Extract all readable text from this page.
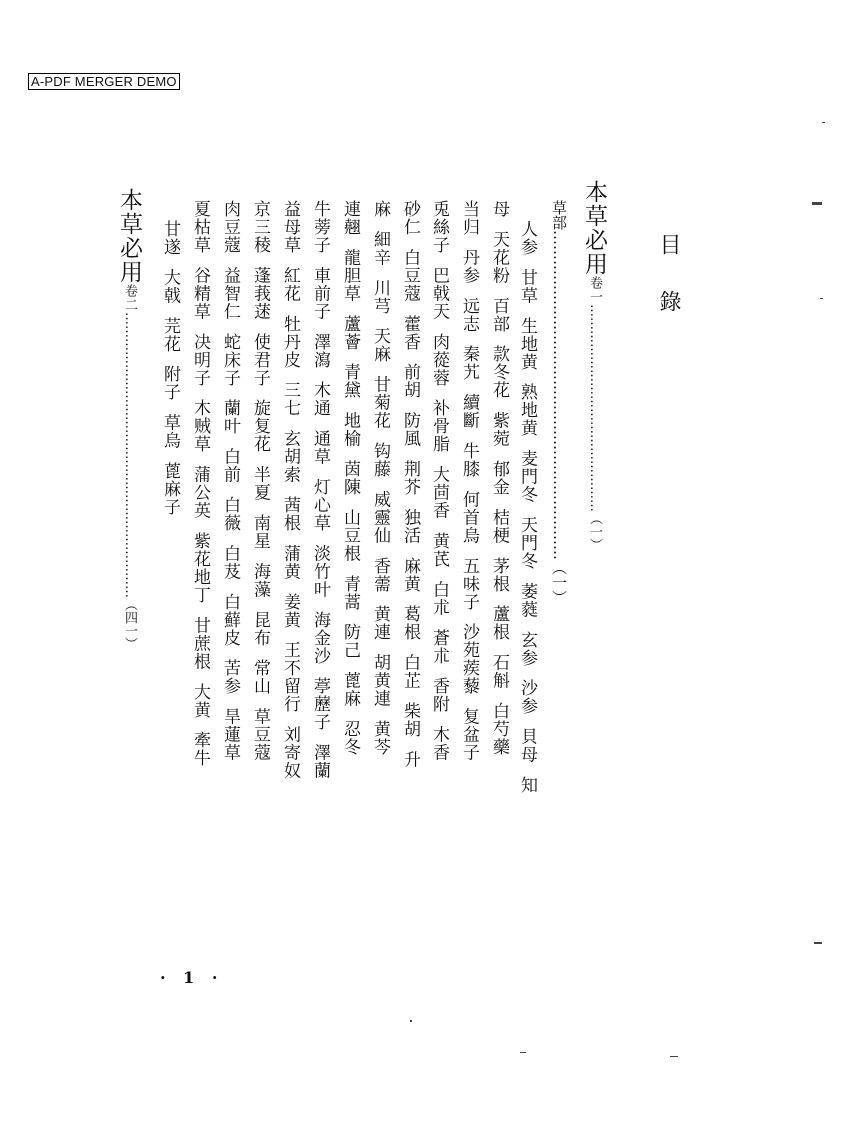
A-PDF MERGER DEMO
目 錄
本草必用卷一…………………………………………（一）
草部…………………………………………………………（一）
人参 甘草 生地黄 熟地黄 麦門冬 天門冬 萎蕤 玄参 沙参 貝母 知
母 天花粉 百部 款冬花 紫菀 郁金 桔梗 茅根 蘆根 石斛 白芍藥
当归 丹参 远志 秦艽 續斷 牛膝 何首烏 五味子 沙苑蒺藜 复盆子
兎絲子 巴戟天 肉蓯蓉 补骨脂 大茴香 黄芪 白朮 蒼朮 香附 木香
砂仁 白豆蔻 藿香 前胡 防風 荆芥 独活 麻黄 葛根 白芷 柴胡 升
麻 細辛 川芎 天麻 甘菊花 钩藤 威靈仙 香薷 黄連 胡黄連 黄芩
連翹 龍胆草 蘆薈 青黛 地榆 茵陳 山豆根 青蒿 防己 蓖麻 忍冬
牛蒡子 車前子 澤瀉 木通 通草 灯心草 淡竹叶 海金沙 葶藶子 澤蘭
益母草 紅花 牡丹皮 三七 玄胡索 茜根 蒲黄 姜黄 王不留行 刘寄奴
京三稜 蓬莪蒁 使君子 旋复花 半夏 南星 海藻 昆布 常山 草豆蔻
肉豆蔻 益智仁 蛇床子 蘭叶 白前 白薇 白芨 白蘚皮 苦参 旱蓮草
夏枯草 谷精草 决明子 木贼草 蒲公英 紫花地丁 甘蔗根 大黄 牽牛
甘遂 大戟 芫花 附子 草烏 蓖麻子
本草必用卷二…………………………………………………………（四一）
· 1 ·
